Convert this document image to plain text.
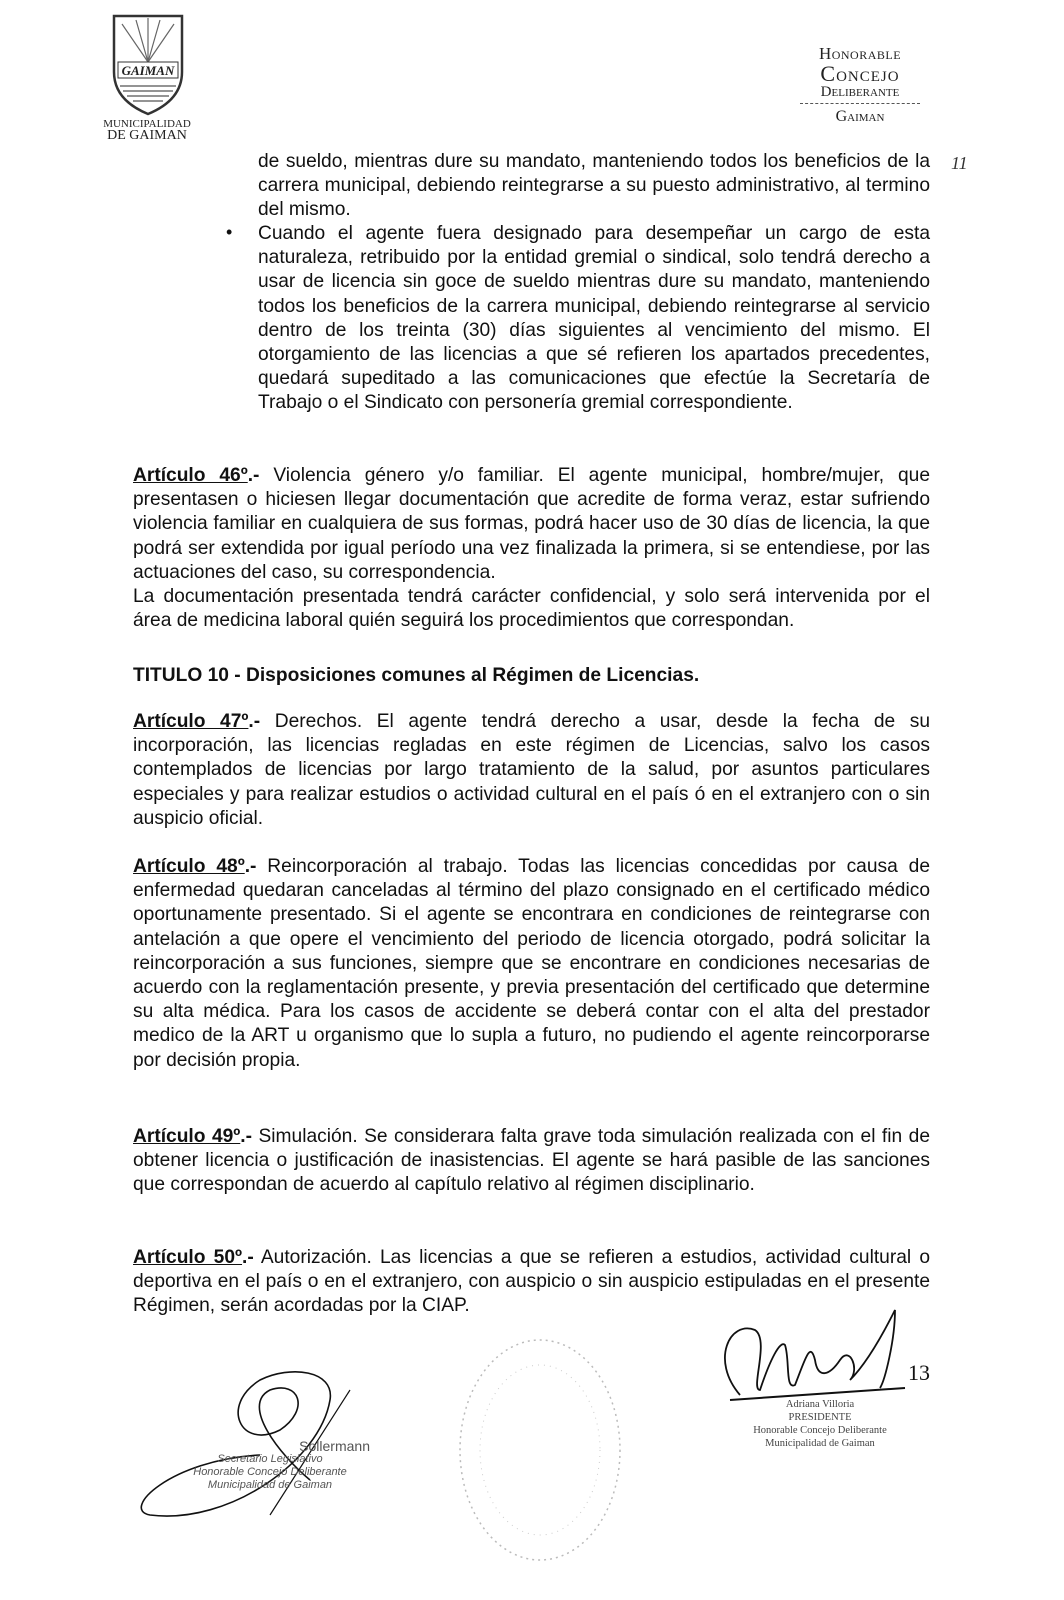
GAIMAN
MUNICIPALIDAD
DE GAIMAN
Honorable
Concejo
Deliberante
Gaiman
11
de sueldo, mientras dure su mandato, manteniendo todos los beneficios de la carrera municipal, debiendo reintegrarse a su puesto administrativo, al termino del mismo.
• Cuando el agente fuera designado para desempeñar un cargo de esta naturaleza, retribuido por la entidad gremial o sindical, solo tendrá derecho a usar de licencia sin goce de sueldo mientras dure su mandato, manteniendo todos los beneficios de la carrera municipal, debiendo reintegrarse al servicio dentro de los treinta (30) días siguientes al vencimiento del mismo. El otorgamiento de las licencias a que sé refieren los apartados precedentes, quedará supeditado a las comunicaciones que efectúe la Secretaría de Trabajo o el Sindicato con personería gremial correspondiente.
Artículo 46º.- Violencia género y/o familiar. El agente municipal, hombre/mujer, que presentasen o hiciesen llegar documentación que acredite de forma veraz, estar sufriendo violencia familiar en cualquiera de sus formas, podrá hacer uso de 30 días de licencia, la que podrá ser extendida por igual período una vez finalizada la primera, si se entendiese, por las actuaciones del caso, su correspondencia.
La documentación presentada tendrá carácter confidencial, y solo será intervenida por el área de medicina laboral quién seguirá los procedimientos que correspondan.
TITULO 10 - Disposiciones comunes al Régimen de Licencias.
Artículo 47º.- Derechos. El agente tendrá derecho a usar, desde la fecha de su incorporación, las licencias regladas en este régimen de Licencias, salvo los casos contemplados de licencias por largo tratamiento de la salud, por asuntos particulares especiales y para realizar estudios o actividad cultural en el país ó en el extranjero con o sin auspicio oficial.
Artículo 48º.- Reincorporación al trabajo. Todas las licencias concedidas por causa de enfermedad quedaran canceladas al término del plazo consignado en el certificado médico oportunamente presentado. Si el agente se encontrara en condiciones de reintegrarse con antelación a que opere el vencimiento del periodo de licencia otorgado, podrá solicitar la reincorporación a sus funciones, siempre que se encontrare en condiciones necesarias de acuerdo con la reglamentación presente, y previa presentación del certificado que determine su alta médica. Para los casos de accidente se deberá contar con el alta del prestador medico de la ART u organismo que lo supla a futuro, no pudiendo el agente reincorporarse por decisión propia.
Artículo 49º.- Simulación. Se considerara falta grave toda simulación realizada con el fin de obtener licencia o justificación de inasistencias. El agente se hará pasible de las sanciones que correspondan de acuerdo al capítulo relativo al régimen disciplinario.
Artículo 50º.- Autorización. Las licencias a que se refieren a estudios, actividad cultural o deportiva en el país o en el extranjero, con auspicio o sin auspicio estipuladas en el presente Régimen, serán acordadas por la CIAP.
Sollermann
Secretario Legislativo
Honorable Concejo Deliberante
Municipalidad de Gaiman
13
Adriana Villoria
PRESIDENTE
Honorable Concejo Deliberante
Municipalidad de Gaiman
